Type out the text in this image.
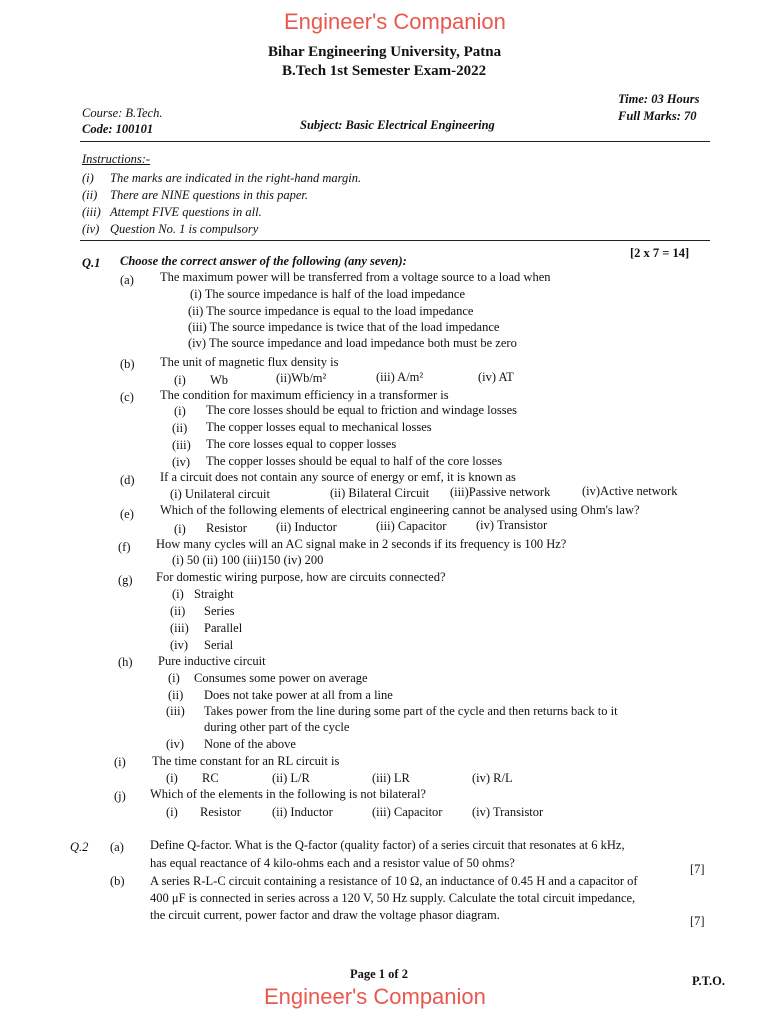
Engineer's Companion
Engineer's Companion
Bihar Engineering University, Patna
B.Tech 1st Semester Exam-2022
Course: B.Tech.
Code: 100101	Subject: Basic Electrical Engineering
Time: 03 Hours
Full Marks: 70
Instructions:-
(i) The marks are indicated in the right-hand margin.
(ii) There are NINE questions in this paper.
(iii) Attempt FIVE questions in all.
(iv) Question No. 1 is compulsory
Q.1 Choose the correct answer of the following (any seven):
[2 x 7 = 14]
(a) The maximum power will be transferred from a voltage source to a load when
(i) The source impedance is half of the load impedance
(ii) The source impedance is equal to the load impedance
(iii) The source impedance is twice that of the load impedance
(iv) The source impedance and load impedance both must be zero
(b) The unit of magnetic flux density is
(i) Wb	(ii)Wb/m²	(iii) A/m²	(iv) AT
(c) The condition for maximum efficiency in a transformer is
(i) The core losses should be equal to friction and windage losses
(ii) The copper losses equal to mechanical losses
(iii) The core losses equal to copper losses
(iv) The copper losses should be equal to half of the core losses
(d) If a circuit does not contain any source of energy or emf, it is known as
(i) Unilateral circuit	(ii) Bilateral Circuit (iii)Passive network	(iv)Active network
(e) Which of the following elements of electrical engineering cannot be analysed using Ohm's law?
(i) Resistor (ii) Inductor	(iii) Capacitor (iv) Transistor
(f) How many cycles will an AC signal make in 2 seconds if its frequency is 100 Hz?
(i) 50 (ii) 100 (iii)150 (iv) 200
(g) For domestic wiring purpose, how are circuits connected?
(i) Straight
(ii) Series
(iii) Parallel
(iv) Serial
(h) Pure inductive circuit
(i) Consumes some power on average
(ii) Does not take power at all from a line
(iii) Takes power from the line during some part of the cycle and then returns back to it
during other part of the cycle
(iv) None of the above
(i) The time constant for an RL circuit is
(i) RC	(ii) L/R	(iii) LR	(iv) R/L
(j) Which of the elements in the following is not bilateral?
(i) Resistor (ii) Inductor	(iii) Capacitor (iv) Transistor
Q.2 (a) Define Q-factor. What is the Q-factor (quality factor) of a series circuit that resonates at 6 kHz,
has equal reactance of 4 kilo-ohms each and a resistor value of 50 ohms?	[7]
(b) A series R-L-C circuit containing a resistance of 10 Ω, an inductance of 0.45 H and a capacitor of
400 μF is connected in series across a 120 V, 50 Hz supply. Calculate the total circuit impedance,
the circuit current, power factor and draw the voltage phasor diagram.	[7]
Page 1 of 2	P.T.O.
